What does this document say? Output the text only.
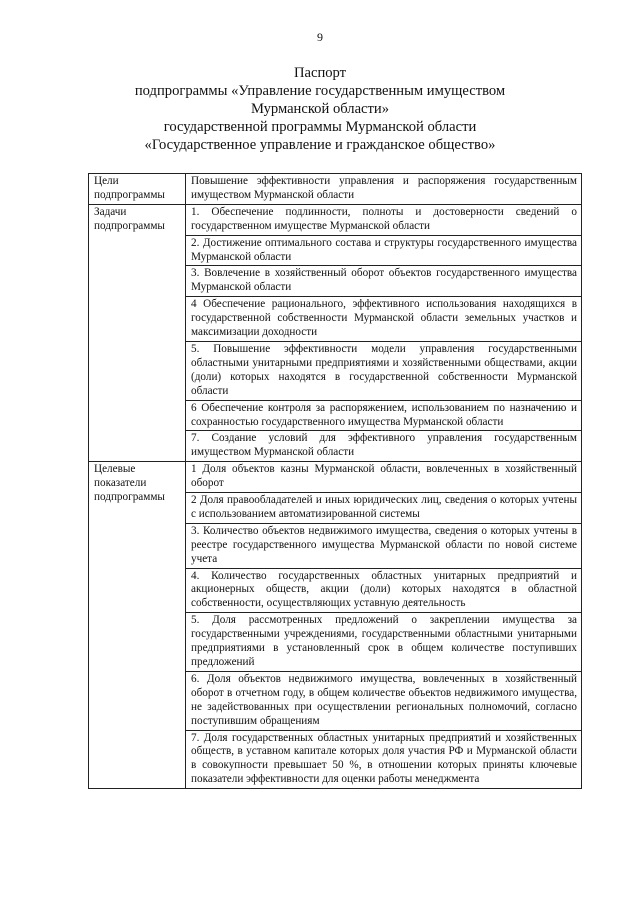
9
Паспорт
подпрограммы «Управление государственным имуществом
Мурманской области»
государственной программы Мурманской области
«Государственное управление и гражданское общество»
Цели подпрограммы	Повышение эффективности управления и распоряжения государственным имуществом Мурманской области
Задачи подпрограммы	1. Обеспечение подлинности, полноты и достоверности сведений о государственном имуществе Мурманской области
	2. Достижение оптимального состава и структуры государственного имущества Мурманской области
	3. Вовлечение в хозяйственный оборот объектов государственного имущества Мурманской области
	4 Обеспечение рационального, эффективного использования находящихся в государственной собственности Мурманской области земельных участков и максимизации доходности
	5. Повышение эффективности модели управления государственными областными унитарными предприятиями и хозяйственными обществами, акции (доли) которых находятся в государственной собственности Мурманской области
	6 Обеспечение контроля за распоряжением, использованием по назначению и сохранностью государственного имущества Мурманской области
	7. Создание условий для эффективного управления государственным имуществом Мурманской области
Целевые показатели подпрограммы	1 Доля объектов казны Мурманской области, вовлеченных в хозяйственный оборот
	2 Доля правообладателей и иных юридических лиц, сведения о которых учтены с использованием автоматизированной системы
	3. Количество объектов недвижимого имущества, сведения о которых учтены в реестре государственного имущества Мурманской области по новой системе учета
	4. Количество государственных областных унитарных предприятий и акционерных обществ, акции (доли) которых находятся в областной собственности, осуществляющих уставную деятельность
	5. Доля рассмотренных предложений о закреплении имущества за государственными учреждениями, государственными областными унитарными предприятиями в установленный срок в общем количестве поступивших предложений
	6. Доля объектов недвижимого имущества, вовлеченных в хозяйственный оборот в отчетном году, в общем количестве объектов недвижимого имущества, не задействованных при осуществлении региональных полномочий, согласно поступившим обращениям
	7. Доля государственных областных унитарных предприятий и хозяйственных обществ, в уставном капитале которых доля участия РФ и Мурманской области в совокупности превышает 50 %, в отношении которых приняты ключевые показатели эффективности для оценки работы менеджмента
